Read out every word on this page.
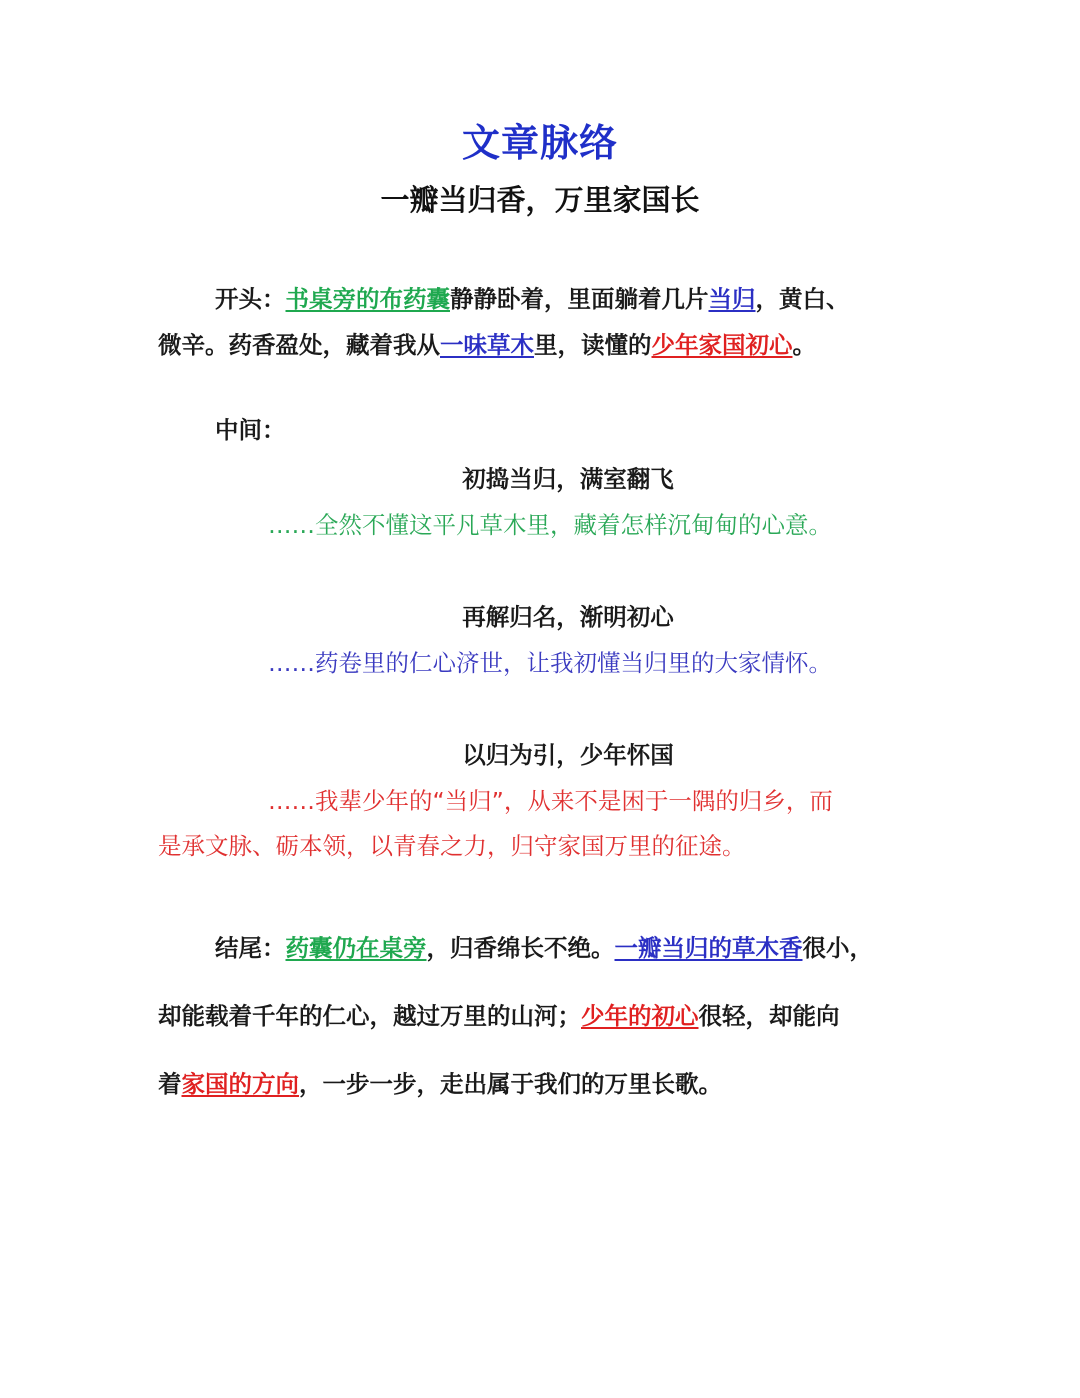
文章脉络
一瓣当归香，万里家国长
开头：书桌旁的布药囊静静卧着，里面躺着几片当归，黄白、
微辛。药香盈处，藏着我从一味草木里，读懂的少年家国初心。
中间：
初捣当归，满室翻飞
……全然不懂这平凡草木里，藏着怎样沉甸甸的心意。
再解归名，渐明初心
……药卷里的仁心济世，让我初懂当归里的大家情怀。
以归为引，少年怀国
……我辈少年的“当归”，从来不是困于一隅的归乡，而
是承文脉、砺本领，以青春之力，归守家国万里的征途。
结尾：药囊仍在桌旁，归香绵长不绝。一瓣当归的草木香很小，
却能载着千年的仁心，越过万里的山河；少年的初心很轻，却能向
着家国的方向，一步一步，走出属于我们的万里长歌。
